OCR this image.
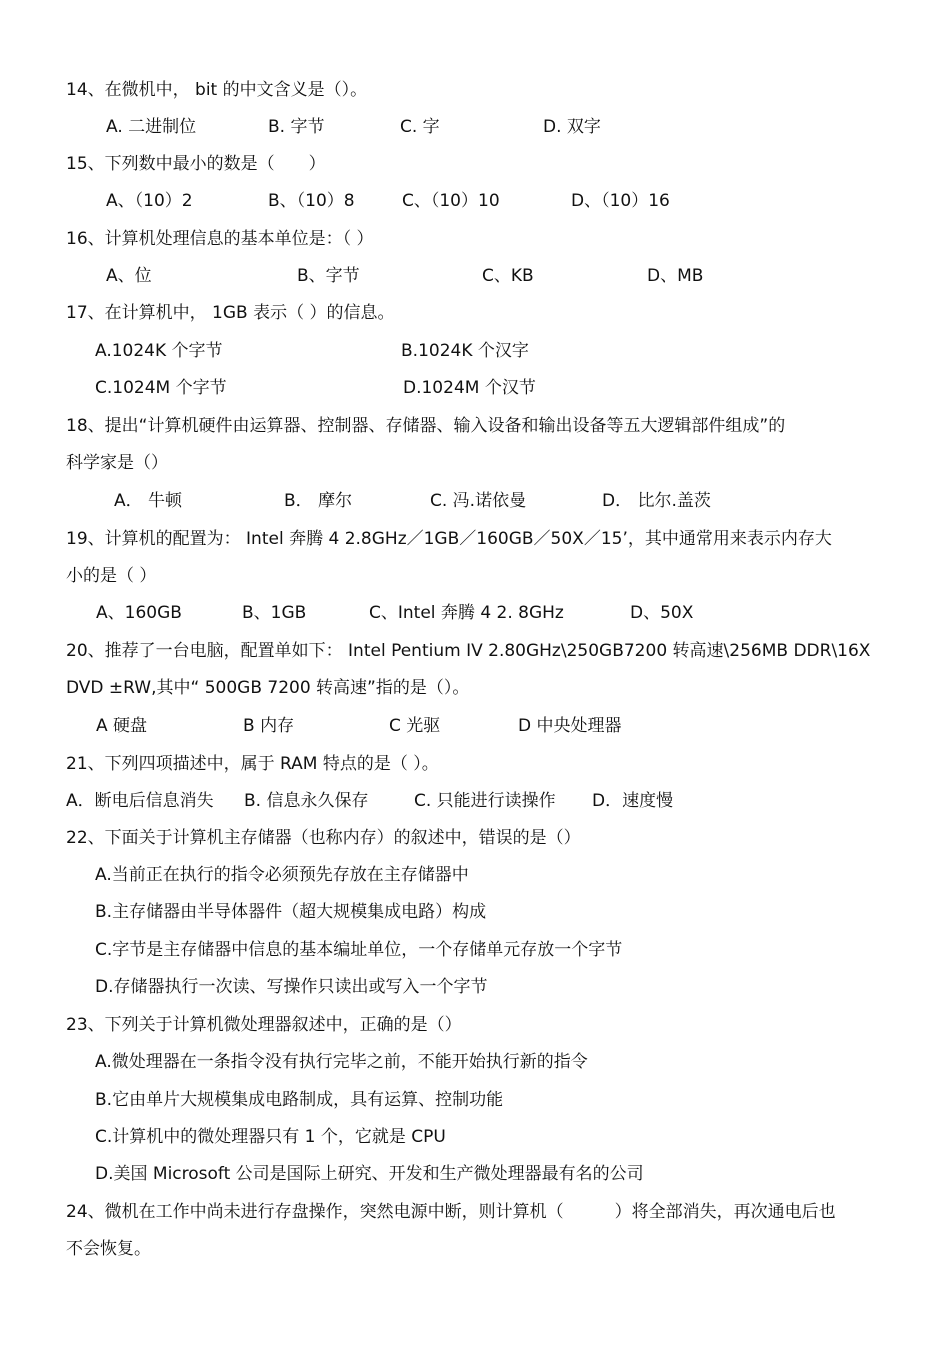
14、在微机中， bit 的中文含义是（）。
A. 二进制位	B. 字节	C. 字	D. 双字
15、下列数中最小的数是（　　）
A、（10）2	B、（10）8	C、（10）10	D、（10）16
16、计算机处理信息的基本单位是：（ ）
A、位	B、字节	C、KB	D、MB
17、在计算机中， 1GB 表示（ ）的信息。
A.1024K 个字节	B.1024K 个汉字
C.1024M 个字节	D.1024M 个汉节
18、提出“计算机硬件由运算器、控制器、存储器、输入设备和输出设备等五大逻辑部件组成”的
科学家是（）
A． 牛顿	B． 摩尔	C. 冯.诺依曼	D． 比尔.盖茨
19、计算机的配置为： Intel 奔腾 4 2.8GHz／1GB／160GB／50X／15’，其中通常用来表示内存大
小的是（ ）
A、160GB	B、1GB	C、Intel 奔腾 4 2. 8GHz	D、50X
20、推荐了一台电脑，配置单如下： Intel Pentium IV 2.80GHz\250GB7200 转高速\256MB DDR\16X
DVD ±RW,其中“ 500GB 7200 转高速”指的是（）。
A 硬盘	B 内存	C 光驱	D 中央处理器
21、下列四项描述中，属于 RAM 特点的是（ ）。
A．断电后信息消失 B. 信息永久保存	C. 只能进行读操作 D．速度慢
22、下面关于计算机主存储器（也称内存）的叙述中，错误的是（）
A.当前正在执行的指令必须预先存放在主存储器中
B.主存储器由半导体器件（超大规模集成电路）构成
C.字节是主存储器中信息的基本编址单位，一个存储单元存放一个字节
D.存储器执行一次读、写操作只读出或写入一个字节
23、下列关于计算机微处理器叙述中，正确的是（）
A.微处理器在一条指令没有执行完毕之前，不能开始执行新的指令
B.它由单片大规模集成电路制成，具有运算、控制功能
C.计算机中的微处理器只有 1 个，它就是 CPU
D.美国 Microsoft 公司是国际上研究、开发和生产微处理器最有名的公司
24、微机在工作中尚未进行存盘操作，突然电源中断，则计算机（　　　）将全部消失，再次通电后也
不会恢复。
